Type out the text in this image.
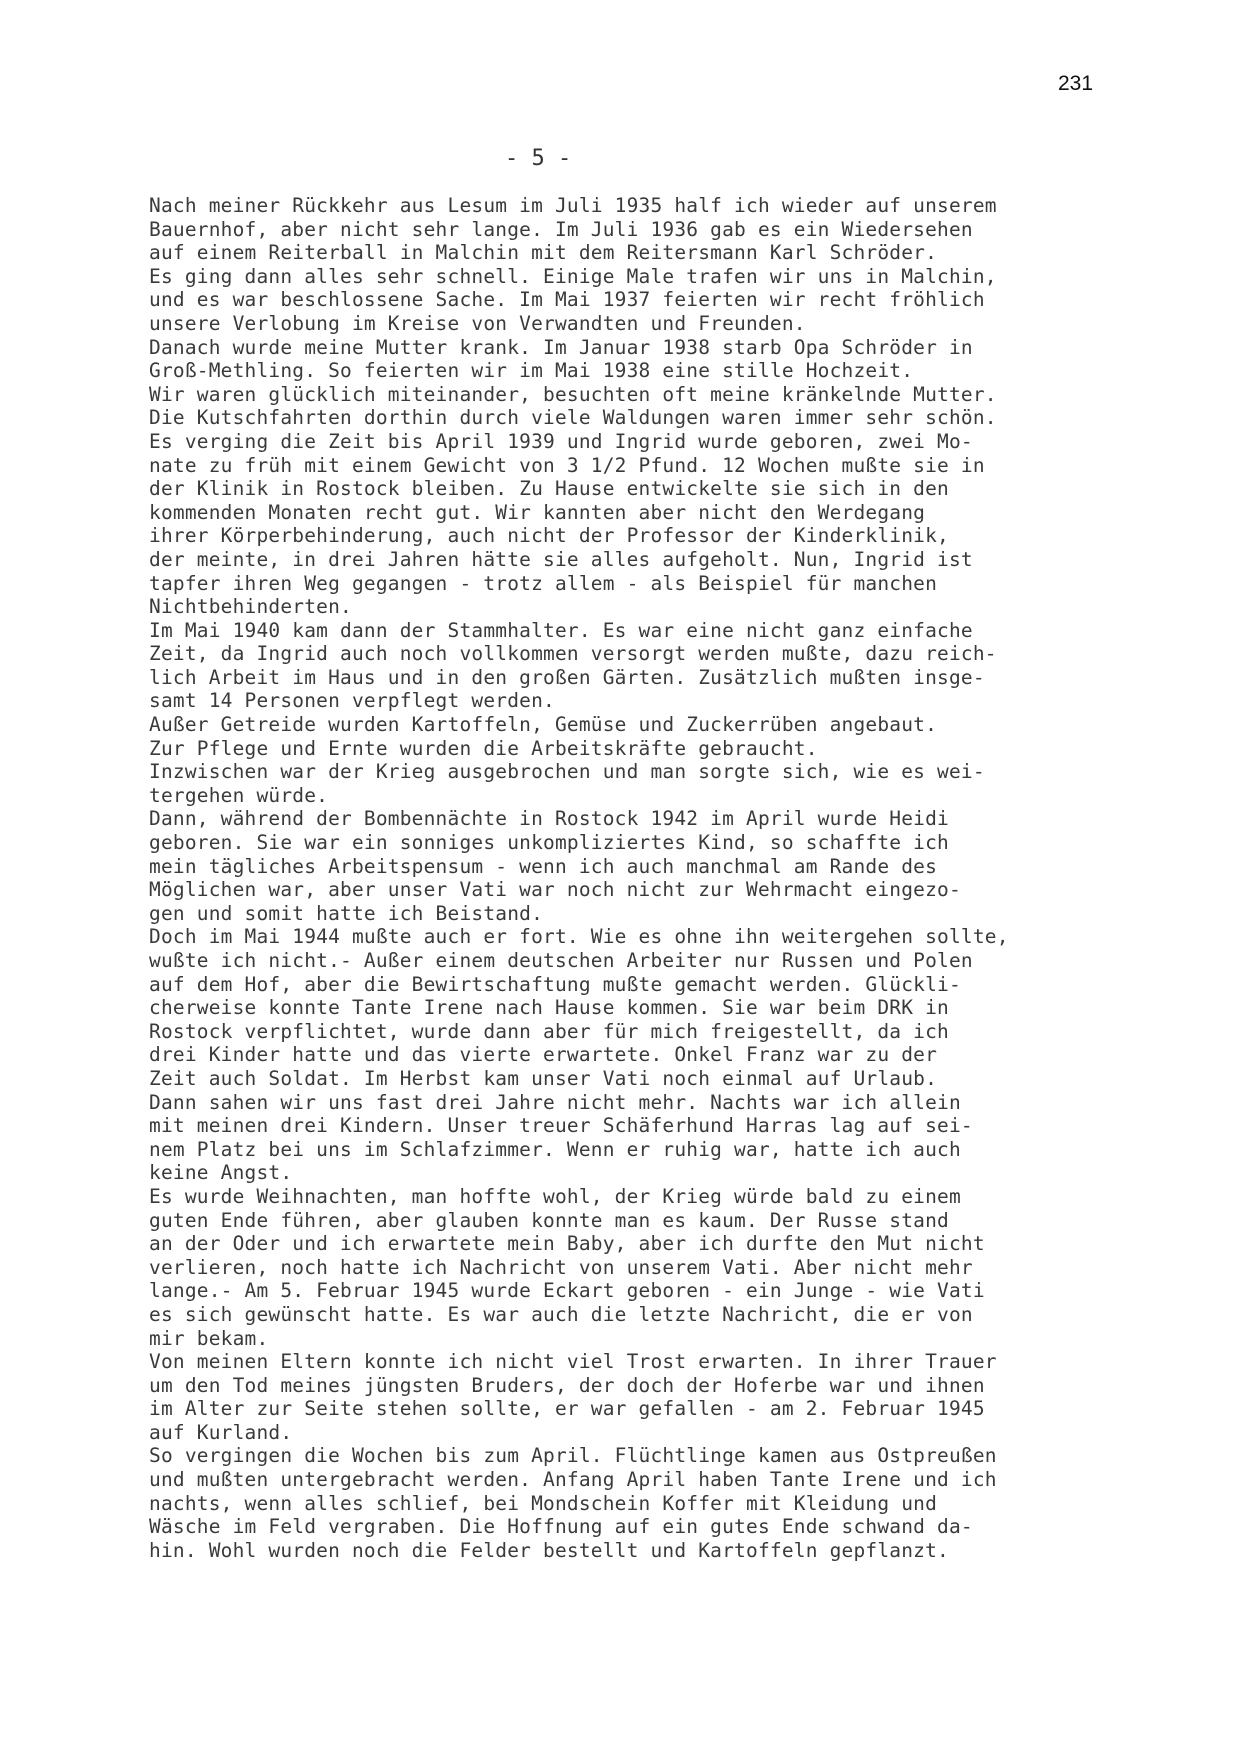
231
- 5 -
Nach meiner Rückkehr aus Lesum im Juli 1935 half ich wieder auf unserem
Bauernhof, aber nicht sehr lange. Im Juli 1936 gab es ein Wiedersehen
auf einem Reiterball in Malchin mit dem Reitersmann Karl Schröder.
Es ging dann alles sehr schnell. Einige Male trafen wir uns in Malchin,
und es war beschlossene Sache. Im Mai 1937 feierten wir recht fröhlich
unsere Verlobung im Kreise von Verwandten und Freunden.
Danach wurde meine Mutter krank. Im Januar 1938 starb Opa Schröder in
Groß-Methling. So feierten wir im Mai 1938 eine stille Hochzeit.
Wir waren glücklich miteinander, besuchten oft meine kränkelnde Mutter.
Die Kutschfahrten dorthin durch viele Waldungen waren immer sehr schön.
Es verging die Zeit bis April 1939 und Ingrid wurde geboren, zwei Mo-
nate zu früh mit einem Gewicht von 3 1/2 Pfund. 12 Wochen mußte sie in
der Klinik in Rostock bleiben. Zu Hause entwickelte sie sich in den
kommenden Monaten recht gut. Wir kannten aber nicht den Werdegang
ihrer Körperbehinderung, auch nicht der Professor der Kinderklinik,
der meinte, in drei Jahren hätte sie alles aufgeholt. Nun, Ingrid ist
tapfer ihren Weg gegangen - trotz allem - als Beispiel für manchen
Nichtbehinderten.
Im Mai 1940 kam dann der Stammhalter. Es war eine nicht ganz einfache
Zeit, da Ingrid auch noch vollkommen versorgt werden mußte, dazu reich-
lich Arbeit im Haus und in den großen Gärten. Zusätzlich mußten insge-
samt 14 Personen verpflegt werden.
Außer Getreide wurden Kartoffeln, Gemüse und Zuckerrüben angebaut.
Zur Pflege und Ernte wurden die Arbeitskräfte gebraucht.
Inzwischen war der Krieg ausgebrochen und man sorgte sich, wie es wei-
tergehen würde.
Dann, während der Bombennächte in Rostock 1942 im April wurde Heidi
geboren. Sie war ein sonniges unkompliziertes Kind, so schaffte ich
mein tägliches Arbeitspensum - wenn ich auch manchmal am Rande des
Möglichen war, aber unser Vati war noch nicht zur Wehrmacht eingezo-
gen und somit hatte ich Beistand.
Doch im Mai 1944 mußte auch er fort. Wie es ohne ihn weitergehen sollte,
wußte ich nicht.- Außer einem deutschen Arbeiter nur Russen und Polen
auf dem Hof, aber die Bewirtschaftung mußte gemacht werden. Glückli-
cherweise konnte Tante Irene nach Hause kommen. Sie war beim DRK in
Rostock verpflichtet, wurde dann aber für mich freigestellt, da ich
drei Kinder hatte und das vierte erwartete. Onkel Franz war zu der
Zeit auch Soldat. Im Herbst kam unser Vati noch einmal auf Urlaub.
Dann sahen wir uns fast drei Jahre nicht mehr. Nachts war ich allein
mit meinen drei Kindern. Unser treuer Schäferhund Harras lag auf sei-
nem Platz bei uns im Schlafzimmer. Wenn er ruhig war, hatte ich auch
keine Angst.
Es wurde Weihnachten, man hoffte wohl, der Krieg würde bald zu einem
guten Ende führen, aber glauben konnte man es kaum. Der Russe stand
an der Oder und ich erwartete mein Baby, aber ich durfte den Mut nicht
verlieren, noch hatte ich Nachricht von unserem Vati. Aber nicht mehr
lange.- Am 5. Februar 1945 wurde Eckart geboren - ein Junge - wie Vati
es sich gewünscht hatte. Es war auch die letzte Nachricht, die er von
mir bekam.
Von meinen Eltern konnte ich nicht viel Trost erwarten. In ihrer Trauer
um den Tod meines jüngsten Bruders, der doch der Hoferbe war und ihnen
im Alter zur Seite stehen sollte, er war gefallen - am 2. Februar 1945
auf Kurland.
So vergingen die Wochen bis zum April. Flüchtlinge kamen aus Ostpreußen
und mußten untergebracht werden. Anfang April haben Tante Irene und ich
nachts, wenn alles schlief, bei Mondschein Koffer mit Kleidung und
Wäsche im Feld vergraben. Die Hoffnung auf ein gutes Ende schwand da-
hin. Wohl wurden noch die Felder bestellt und Kartoffeln gepflanzt.
